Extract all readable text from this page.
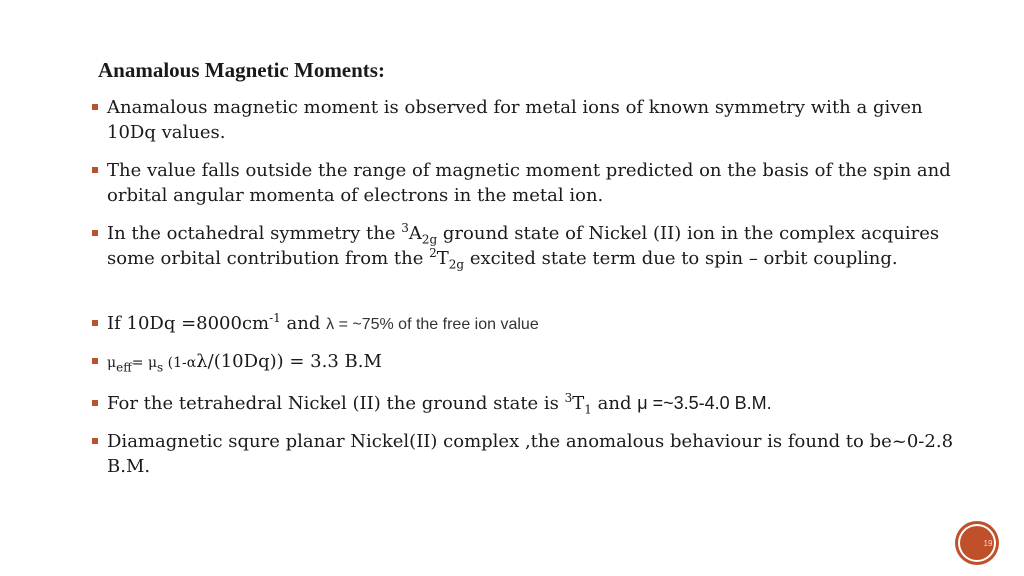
Anamalous Magnetic Moments:

Anamalous magnetic moment is observed for metal ions of known symmetry with a given 10Dq values.

The value falls outside the range of magnetic moment predicted on the basis of the spin and orbital angular momenta of electrons in the metal ion.

In the octahedral symmetry the $^3A_{2g}$ ground state of Nickel (II) ion in the complex acquires some orbital contribution from the $^2T_{2g}$ excited state term due to spin – orbit coupling.

If $10Dq =8000cm^{-1}$ and λ = ~75% of the free ion value

$\mu_{eff}= \mu_s$ (1-αλ/(10Dq)) = 3.3 B.M

For the tetrahedral Nickel (II) the ground state is $^3T_1$ and μ =~3.5-4.0 B.M.

Diamagnetic squre planar Nickel(II) complex ,the anomalous behaviour is found to be~0-2.8 B.M.

19
